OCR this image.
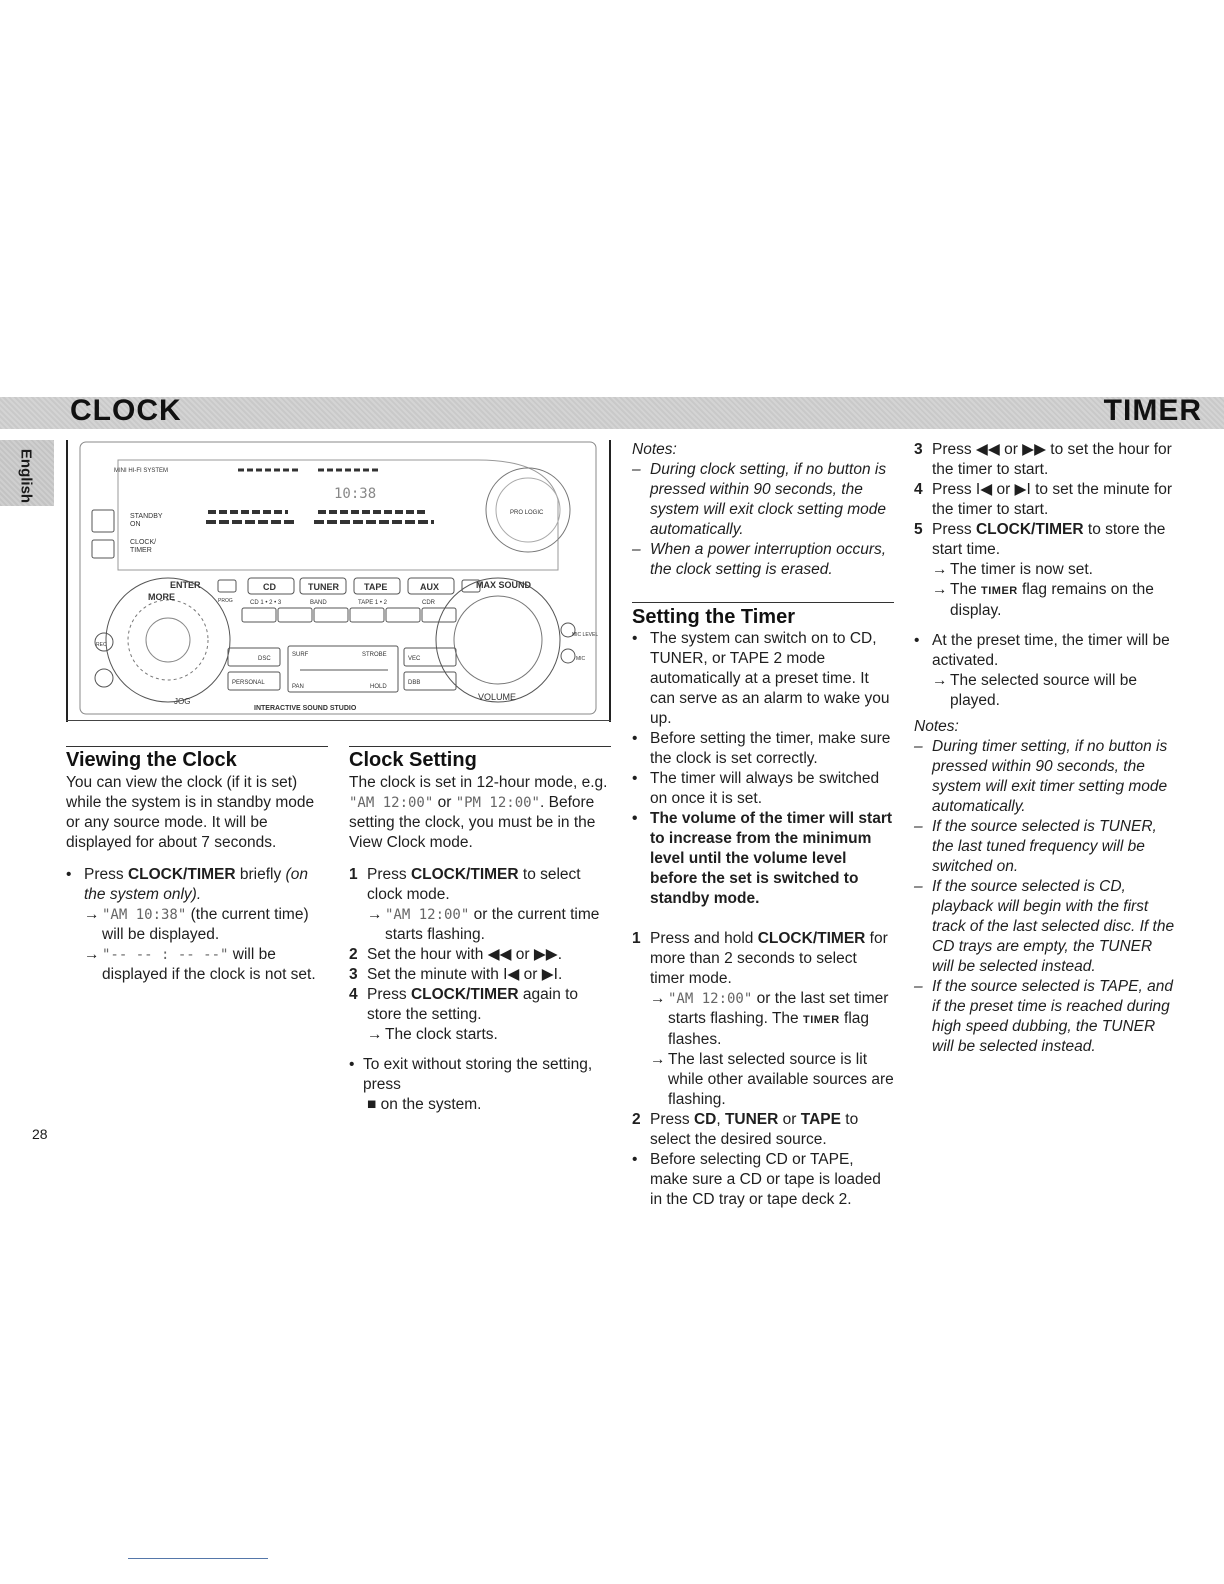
CLOCK	TIMER
English	MINI HI-FI SYSTEM
STANDBY
ON
CLOCK/
TIMER
10:38
PRO LOGIC
MORE
ENTER
PROG
CD	TUNER	TAPE	AUX
CD 1 • 2 • 3	BAND	TAPE 1 • 2	CDR
MAX SOUND
DSC
PERSONAL
SURF	STROBE
PAN	HOLD
VEC
DBB
INTERACTIVE SOUND STUDIO
VOLUME
JOG
MIC LEVEL
MIC
REC
Viewing the Clock

You can view the clock (if it is set) while the system is in standby mode or any source mode. It will be displayed for about 7 seconds.

• Press CLOCK/TIMER briefly (on the system only).
→ "AM 10:38" (the current time) will be displayed.
→ "-- -- : -- --" will be displayed if the clock is not set.
Clock Setting

The clock is set in 12-hour mode, e.g. "AM 12:00" or "PM 12:00". Before setting the clock, you must be in the View Clock mode.

1 Press CLOCK/TIMER to select clock mode.
→ "AM 12:00" or the current time starts flashing.
2 Set the hour with ◀◀ or ▶▶.
3 Set the minute with I◀ or ▶I.
4 Press CLOCK/TIMER again to store the setting.
→ The clock starts.
• To exit without storing the setting, press
■ on the system.

Notes:

– During clock setting, if no button is pressed within 90 seconds, the system will exit clock setting mode automatically.
– When a power interruption occurs, the clock setting is erased.
Setting the Timer
• The system can switch on to CD, TUNER, or TAPE 2 mode automatically at a preset time. It can serve as an alarm to wake you up.
• Before setting the timer, make sure the clock is set correctly.
• The timer will always be switched on once it is set.
• The volume of the timer will start to increase from the minimum level until the volume level before the set is switched to standby mode.
1 Press and hold CLOCK/TIMER for more than 2 seconds to select timer mode.
→ "AM 12:00" or the last set timer starts flashing. The TIMER flag flashes.
→ The last selected source is lit while other available sources are flashing.
2 Press CD, TUNER or TAPE to select the desired source.
• Before selecting CD or TAPE, make sure a CD or tape is loaded in the CD tray or tape deck 2.
3 Press ◀◀ or ▶▶ to set the hour for the timer to start.
4 Press I◀ or ▶I to set the minute for the timer to start.
5 Press CLOCK/TIMER to store the start time.
→ The timer is now set.
→ The TIMER flag remains on the display.
• At the preset time, the timer will be activated.
→ The selected source will be played.

Notes:

– During timer setting, if no button is pressed within 90 seconds, the system will exit timer setting mode automatically.
– If the source selected is TUNER, the last tuned frequency will be switched on.
– If the source selected is CD, playback will begin with the first track of the last selected disc. If the CD trays are empty, the TUNER will be selected instead.
– If the source selected is TAPE, and if the preset time is reached during high speed dubbing, the TUNER will be selected instead.
28
